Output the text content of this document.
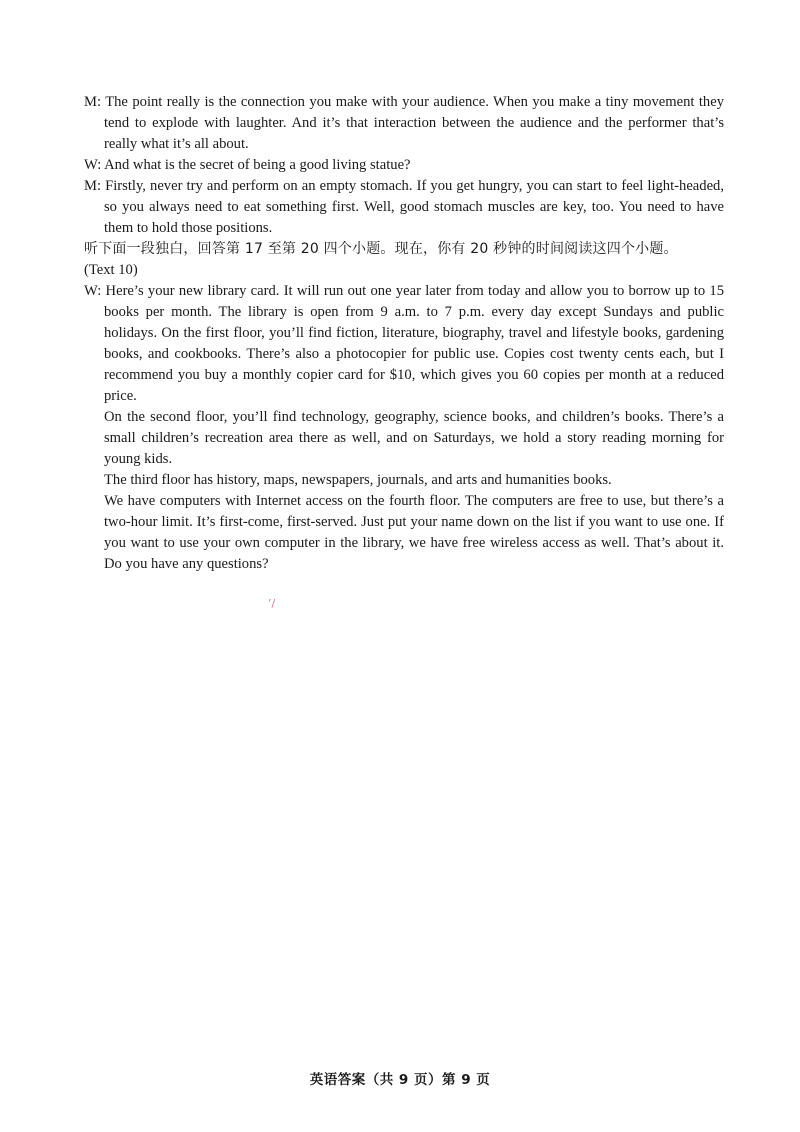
M: The point really is the connection you make with your audience. When you make a tiny movement they tend to explode with laughter. And it’s that interaction between the audience and the performer that’s really what it’s all about.

W: And what is the secret of being a good living statue?

M: Firstly, never try and perform on an empty stomach. If you get hungry, you can start to feel light-headed, so you always need to eat something first. Well, good stomach muscles are key, too. You need to have them to hold those positions.

听下面一段独白，回答第 17 至第 20 四个小题。现在，你有 20 秒钟的时间阅读这四个小题。

(Text 10)

W: Here’s your new library card. It will run out one year later from today and allow you to borrow up to 15 books per month. The library is open from 9 a.m. to 7 p.m. every day except Sundays and public holidays. On the first floor, you’ll find fiction, literature, biography, travel and lifestyle books, gardening books, and cookbooks. There’s also a photocopier for public use. Copies cost twenty cents each, but I recommend you buy a monthly copier card for $10, which gives you 60 copies per month at a reduced price.

On the second floor, you’ll find technology, geography, science books, and children’s books. There’s a small children’s recreation area there as well, and on Saturdays, we hold a story reading morning for young kids.

The third floor has history, maps, newspapers, journals, and arts and humanities books.

We have computers with Internet access on the fourth floor. The computers are free to use, but there’s a two-hour limit. It’s first-come, first-served. Just put your name down on the list if you want to use one. If you want to use your own computer in the library, we have free wireless access as well. That’s about it. Do you have any questions?

’/
英语答案（共 9 页）第 9 页
